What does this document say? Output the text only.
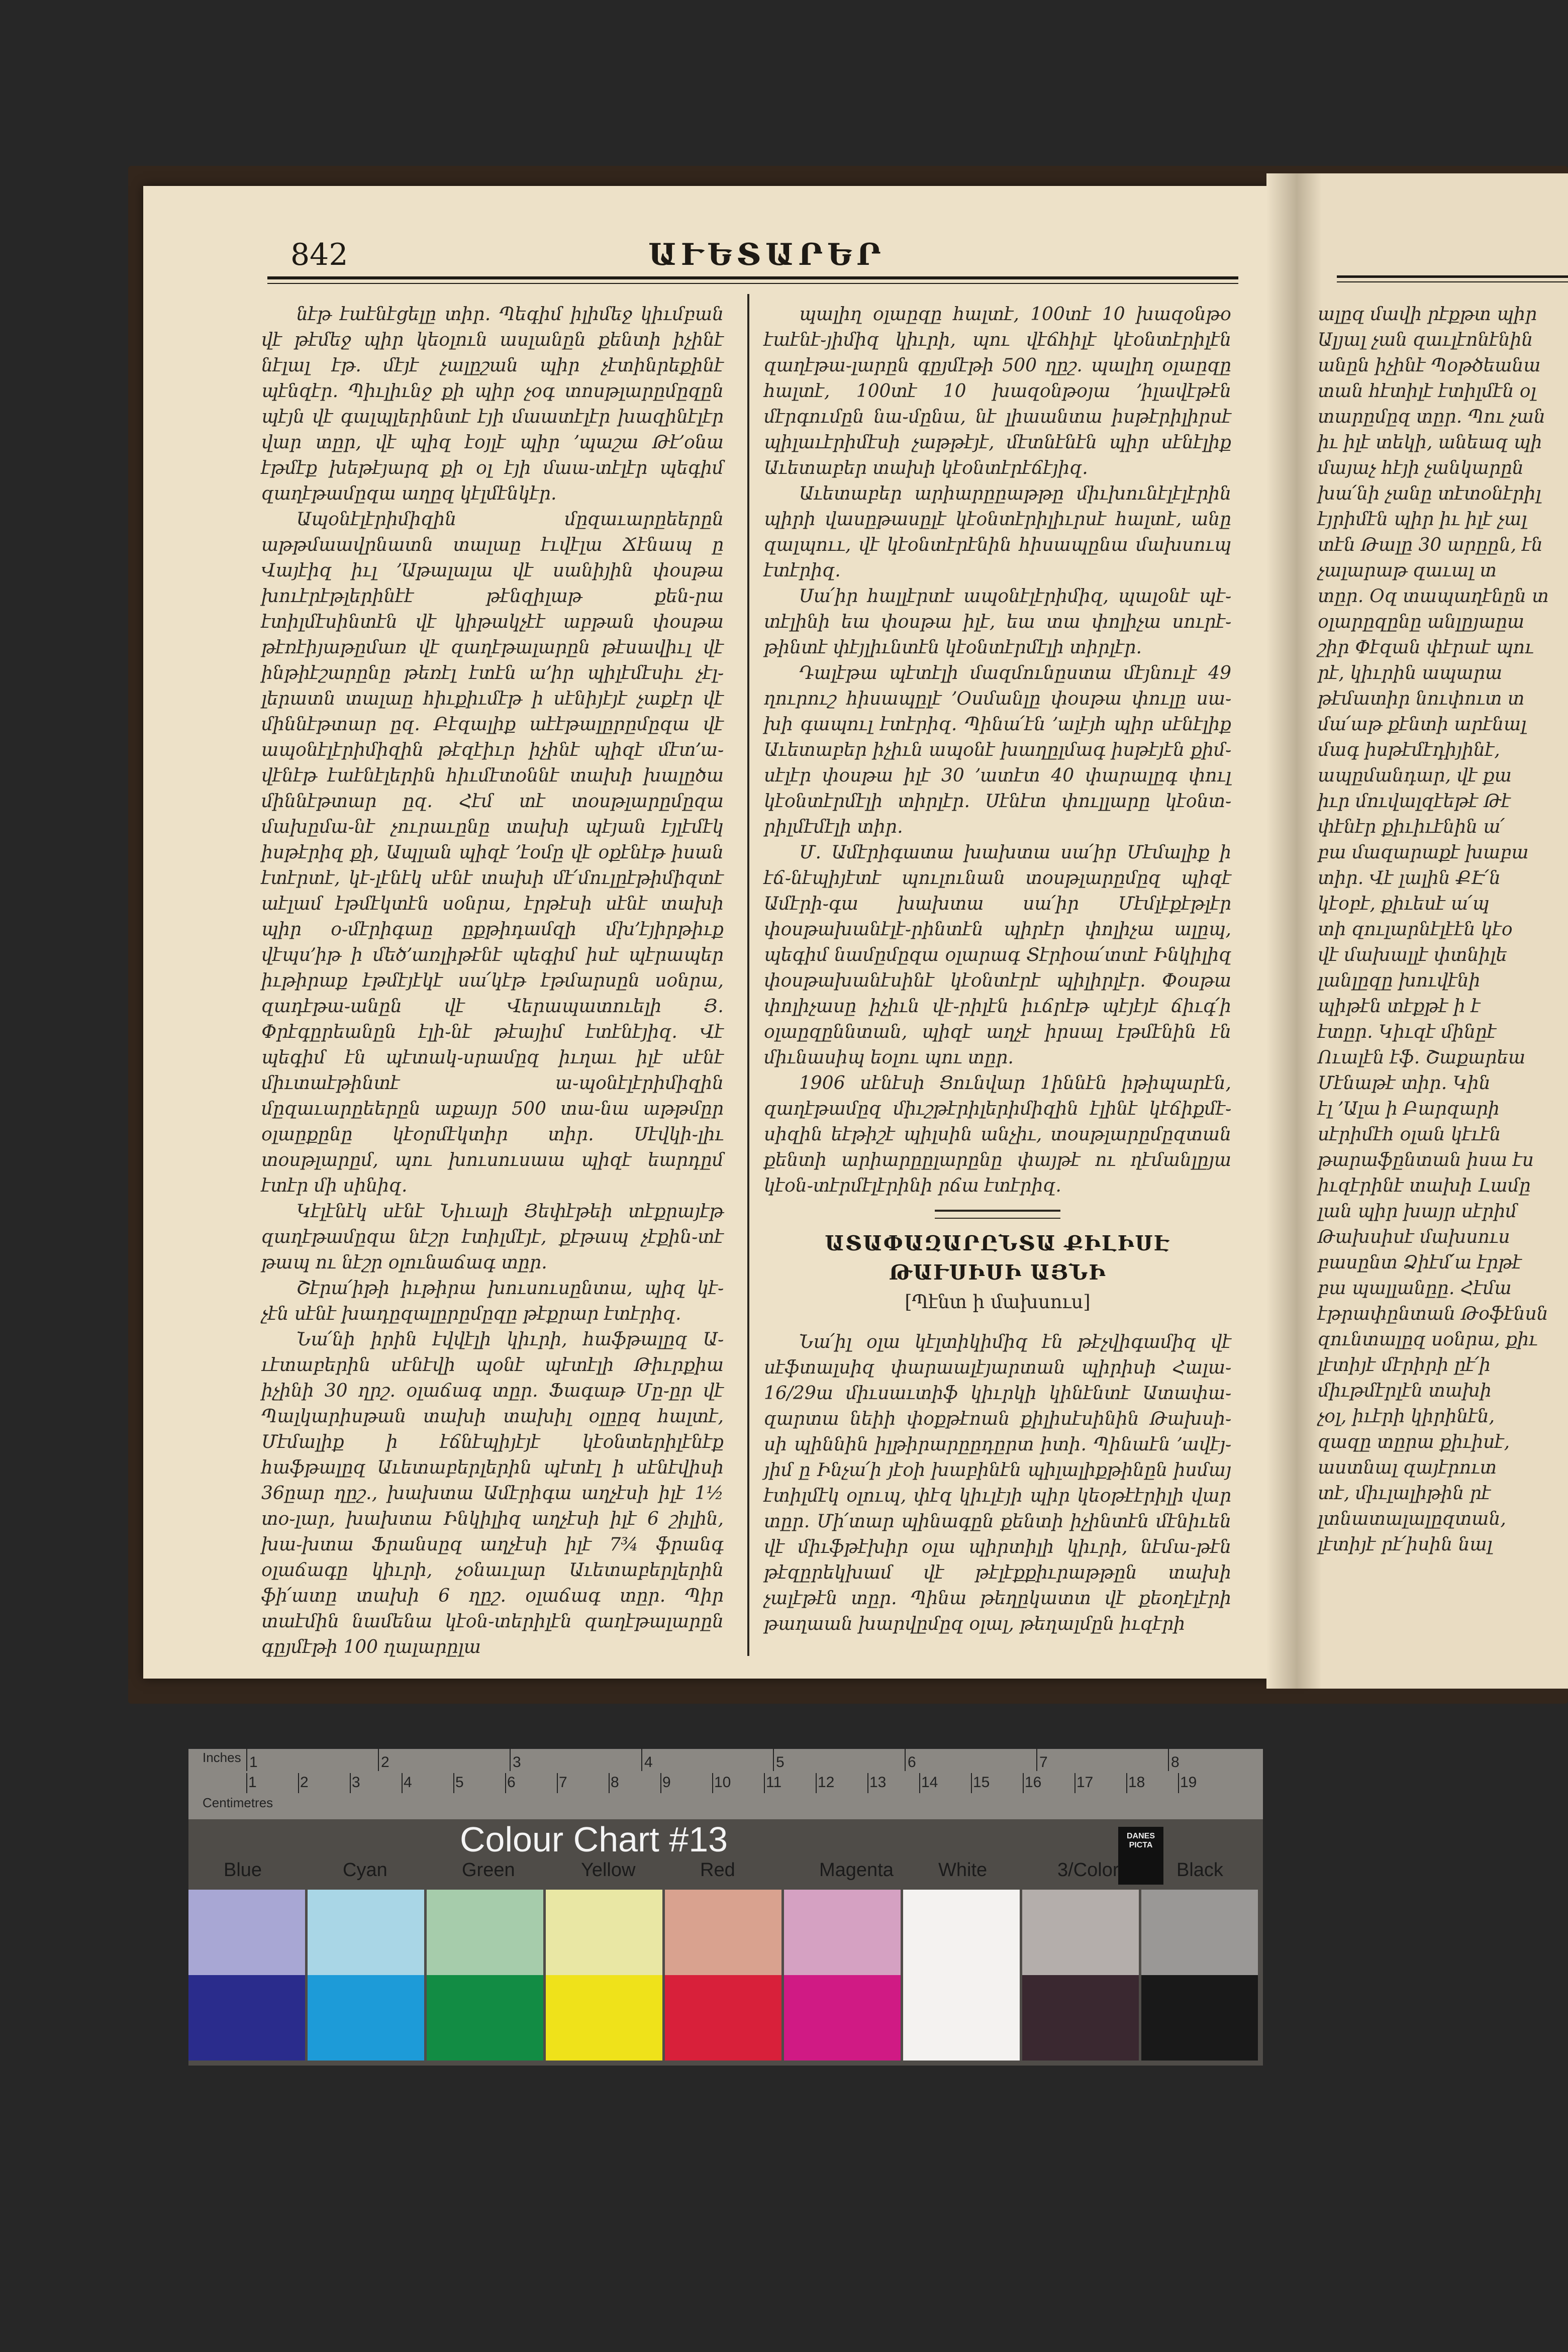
842	ԱՒԵՏԱՐԵՐ

նէթ էաէնէցելը տիր․ Պեգիմ իլիմեջ կիւմբան վէ թէմեջ պիր կեօլուն ասլանըն քենտի իչինէ նէլալ էթ․ մէյէ չալըշան պիր չէտինրեքինէ պէնզէր․ Պիւլիւնջ քի պիր չօգ տոսթլարըմըզըն պէյն վէ գալպլերինտէ էյի մաատէլէր խազինէլէր վար տըր, վէ պիզ էօյլէ պիր ՚պաշա Թէ՚օնա էթմէք խեթէյարզ քի օլ էյի մաա֊տէլէր պեգիմ զաղէթամըզա աղըզ կէլմէնկէր․

Ապօնէլէրիմիզին մըզաւարըեերըն աթթմաավրնատն տալաը էւվէլա Ճէնապ ը Վայէիզ իւլ ՚Աթալալա վէ սանիյին փօսթա խուէրէթլերինէէ թէնզիլաթ քեն֊րա էտիլմէսինտէն վէ կիթակչէէ աբթան փօսթա թէռէիյաթըմառ վէ զաղէթալարըն թէսավիւլ վէ ինթիէշարընը թեռէլ էտէն ա՚իր պիլէմէսիւ չէլ֊լերատն տալաը հիւքիւմէթ ի սէնիյէյէ չաքէր վէ միննէթտար ըզ․ Բէզալիք աէէթալըրըմըզա վէ ապօնէլէրիմիզին թէզէիւր իչինէ պիզէ մէտ՚ա֊վէնէթ էաէնէլերին հիւմէտօննէ տախի խալըծա միննէթտար ըզ․ Հէմ տէ տօսթլարըմըզա մախըմա֊նէ չուրաւընը տախի պէյան էյլէմէկ իսթէրիզ քի, Ապլան պիզէ ՚էօմը վէ օքէնէթ իսան էտէրտէ, կէ֊լէնէկ սէնէ տախի մէ՛մուլըէթիմիզտէ աէլամ էթմէկտէն սօնրա, էրթէսի սէնէ տախի պիր օ֊մէրիգաը ըքթիդամզի մխ՚էյիրթիւք վէպս՚իթ ի մեծ՚առլիթէնէ պեգիմ իսէ պէրապեր իւթիրաք էթմէյէկէ սա՛կէթ էթմարսըն սօնրա, զադէթա֊անըն վէ Վերապատուելի Յ․ Փրէգըրեանըն էլի֊նէ թէայիմ էտէնէյիզ․ Վէ պեգիմ էն պէտակ֊սրամըզ իւղաւ իլէ սէնէ միւտաէթինտէ ա֊պօնէլէրիմիզին մըզաւարըեերըն աքայր 500 տա֊նա աթթմըր օլաըքընը կէօրմէկտիր տիր․ Սէվկի֊լիւ տօսթլարըմ, պու խուսուսաա պիզէ եարդըմ էտէր մի սինիզ․

Կէլէնէկ սէնէ Նիւալի Յեփէթեի տէքրայէթ զաղէթամըզա նէշր էտիլմէյէ, քէթապ չէքին֊տէ թապ ու նէշր օլունաճագ տըր․

Շէրա՛իթի իւթիրա խուսուսընտա, պիզ կէ֊չէն սէնէ խադըզալըրըմըզը թէքրար էտէրիզ․

Նա՛նի իրին էվվէլի կիւրի, հաֆթալըզ Ա֊ւէտաբերին սէնէվի պօնէ պէտէլի Թիւրքիա իչինի 30 ղրշ․ օլաճագ տըր․ Ֆագաթ Մը֊ըր վէ Պալկարիսթան տախի տախիլ օլըըզ հալտէ, Մէմալիք ի էճնէպիյէյէ կէօնտերիլէնէք հաֆթալըզ Աւետաբերլերին պէտէլ ի սէնէվիսի 36ըար ղըշ․, խախտա Ամէրիգա աղչէսի իլէ 1½ տօ֊լար, խախտա Ինկիլիզ աղչէսի իլէ 6 շիլին, խա֊խտա Ֆրանսըզ աղչէսի իլէ 7¾ ֆրանգ օլաճագը կիւրի, չօնաւլար Աւետաբերլերին ֆի՛ատը տախի 6 ղըշ․ օլաճագ տըր․ Պիր տաէմին նամենա կէօն֊տերիլէն զաղէթալարըն գըյմէթի 100 ղալարըլա

պալիղ օլաըզը հալտէ, 100տէ 10 խազօնթօ էաէնէ֊յիմիզ կիւրի, պու վէճհիլէ կէօնտէրիլէն զաղէթա֊լարըն գըյմէթի 500 ղըշ․ պալիղ օլաըզը հալտէ, 100տէ 10 խազօնթօյա ՚իլավէթէն մէրգումըն նա֊մընա, նէ լիաանտա իսթէրիլիրսէ պիլաւէրիմէսի չաթթէյէ, մէտնէնէն պիր սէնէլիք Աւետաբեր տախի կէօնտէրէճէյիզ․

Աւետաբեր արիարըըաթթը միւխունէլէլէրին պիրի վասըթասըլէ կէօնտէրիլիւրսէ հալտէ, անը զալպոււ, վէ կէօնտէրէնին հիսապընա մախսուպ էտէրիզ․

Սա՛իր հալլէրտէ ապօնէլէրիմիզ, պալօնէ պէ֊տէլինի եա փօսթա իլէ, եա տա փոլիչա սուրէ֊թինտէ փէյլիւնտէն կէօնտէրմէլի տիրլէր․

Դալէթա պէտէլի մազմունըստա մէյնուլէ 49 ղուրուշ հիսապըլէ ՚Օսմանլը փօսթա փուլը սա֊խի գապուլ էտէրիզ․ Պինա՛էն ՚ալէյհ պիր սէնէլիք Աւետաբեր իչիւն ապօնէ խաղըլմագ իսթէյէն քիմ֊սէլէր փօսթա իլէ 30 ՚ատէտ 40 փարալըգ փուլ կէօնտէրմէլի տիրլէր․ Սէնէտ փուլլարը կէօնտ֊րիլմէմէլի տիր․

Մ․ Ամէրիգատա խախտա սա՛իր Մէմալիք ի էճ֊նէպիյէտէ պուլունան տօսթլարըմըզ պիզէ Ամէրի֊գա խախտա սա՛իր Մէմլէքէթլէր փօսթախանէլէ֊րինտէն պիրէր փոլիչա ալըպ, պեգիմ նամըմըզա օլարագ Տէրիօա՛տտէ Ինկիլիզ փօսթախանէսինէ կէօնտէրէ պիլիրլէր․ Փօսթա փոլիչասը իչիւն վէ֊րիլէն իւճրէթ պէյէյէ ճիւգ՛ի օլաըզըննտան, պիզէ աղչէ իրսալ էթմէնին էն միւնասիպ եօլու պու տըր․

1906 սէնէսի Ցունվար 1իննէն իթիպարէն, զաղէթամըզ միւշթէրիլերիմիզին էլինէ կէճիքմէ֊սիզին եէթիշէ պիլսին անչիւ, տօսթլարըմըզտան քենտի արիարըըլարընը փայթէ ու ղէմանլըյա կէօն֊տէրմէլէրինի րճա էտէրիզ․

ԱՏԱՓԱԶԱՐԸՆՏԱ ՔԻԼԻՍԷ ԹԱՒՍԻՍԻ ԱՅՆԻ
[Պէնտ ի մախսուս]

Նա՛իլ օլա կէլտիկիմիզ էն թէչվիգամիզ վէ սէֆտալսիզ փարաալէյարտան պիրիսի Հալա֊16/29ա միւսաւտիֆ կիւրկի կինէնտէ Ատափա֊զարտա նեիի փօքթէոան քիլիսէսինին Թախսի֊սի պիննին իլթիրարըըդըրտ իտի․ Պինաէն ՚ավէյ֊յիմ ը Ինչա՛ի յէօի խաբինէն պիլալիքթինըն իսմայ էտիլմէկ օլուպ, փէզ կիւլէյի պիր կեօթէէրիլի վար տըր․ Մի՛տար պինագըն քենտի իչինտէն մէնիւեն վէ միւֆթէխիր օլա պիրտիլի կիւրի, նէմա֊թէն թէզըրեկխամ վէ թէլէքքիւրաթթըն տախի չալէթէն տըր․ Պինա թեղըկատտ վէ քեօղէլէրի թաղաան խարվըմըզ օլալ, թեղալմըն իւզէրի

ալըզ մավի րէքթտ պիր
Ալյալ չան զաւլէոնէնին
անըն իչինէ Պօթծեանա
տան հէտիլէ էտիլմէն օլ
տարըմըզ տըր․ Պու չան
իւ իլէ տեկի, անեազ պի
մայաչ հէյի չանկարըն
խա՛նի չանը տէտօնէրիլ
էյրիմէն պիր իւ իլէ չալ
տէն Թալը 30 արըըն, էն
չալարաթ զաւալ տ
տըր․ Օզ տապաղէնըն տ
օլարըզընը անլըյաըա
շիր Փէզան փէրաէ պու
րէ, կիւրին ապարա
թէմատիր նուփուտ տ
մա՛աթ քէնտի արէնալ
մագ իսթէմէդիյինէ,
ապըմանդար, վէ քա
իւր մուվալզէեթէ Թէ
փէնէր քիւիւէնին ա՛
բա մազարաքէ խաբա
տիր․ Վէ լալին ՔԷ՛ն
կէօբէ, քիւեսէ ա՛պ
տի զուլարնէլէէն կէօ
վէ մախալլէ փտնիլե
լանլըզը խուվէնի
պիթէն տէքթէ ի է
էտըր․ Կիւզէ մինըէ
Ուալէն էֆ․ Շաքարեա
Մէնաթէ տիր․ Կին
էլ ՚Ալա ի Բարզարի
սէրիմէհ օլան կէւէն
թարաֆընտան իսա էս
իւզէրինէ տախի Լամը
լան պիր խայր սէրիմ
Թախսիսէ մախսուս
բասընտ Ձիէմ՛ա էրթէ
բա պալլանըը․ Հէմա
էթրափընտան Թօֆէնսն
զունտալըզ սօնրա, քիւ
լէտիյէ մէրիրի ըէ՛ի
միւթմէրլէն տախի
չօլ, իւէրի կիրինէն,
զազը տըրա քիւիսէ,
աստնալ զայէրուտ
տէ, միւլալիթին րէ
լտնատալալըզտան,
լէտիյէ րէ՛իսին նալ
Inches
Centimetres
1	2	3	4	5	6	7	8
1	2	3	4	5	6	7	8	9	10 11 12 13 14 15 16 17 18 19
Colour Chart #13	DANES PICTA
Blue	Cyan	Green	Yellow	Red	Magenta White	3/Color	Black
